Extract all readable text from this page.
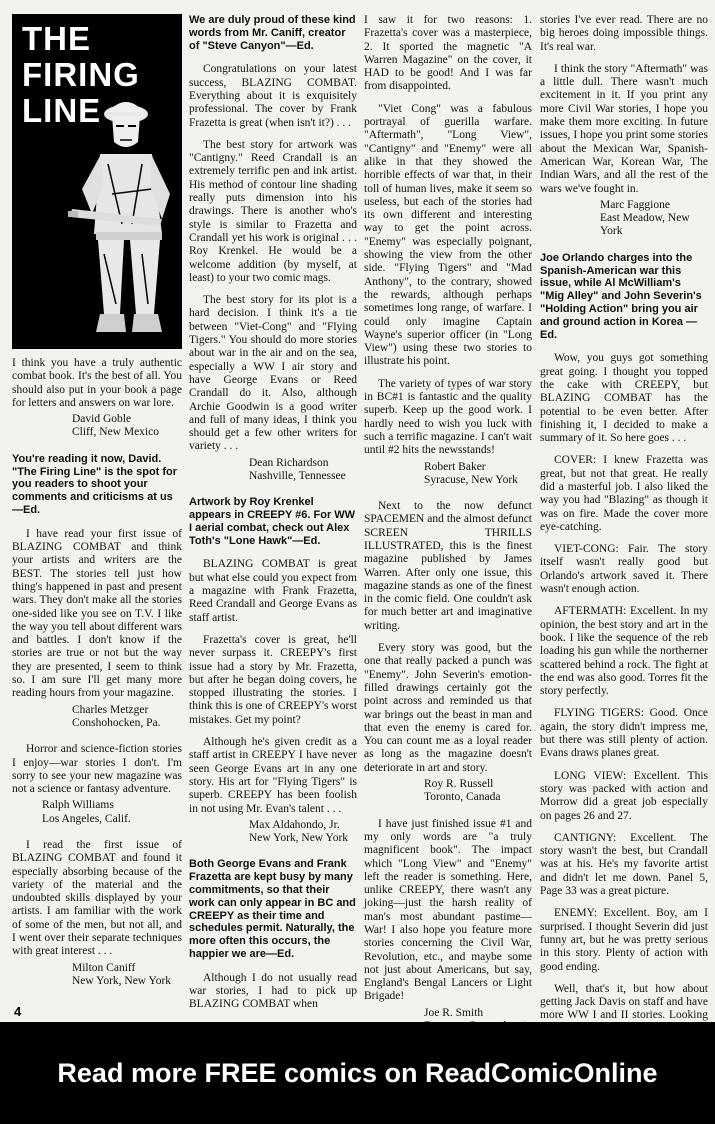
THE
FIRING
LINE

I think you have a truly authentic combat book. It's the best of all. You should also put in your book a page for letters and answers on war lore.

David Goble
Cliff, New Mexico

You're reading it now, David. "The Firing Line" is the spot for you readers to shoot your comments and criticisms at us—Ed.

I have read your first issue of BLAZING COMBAT and think your artists and writers are the BEST. The stories tell just how thing's happened in past and present wars. They don't make all the stories one-sided like you see on T.V. I like the way you tell about different wars and battles. I don't know if the stories are true or not but the way they are presented, I seem to think so. I am sure I'll get many more reading hours from your magazine.

Charles Metzger
Conshohocken, Pa.

Horror and science-fiction stories I enjoy—war stories I don't. I'm sorry to see your new magazine was not a science or fantasy adventure.

Ralph Williams
Los Angeles, Calif.

I read the first issue of BLAZING COMBAT and found it especially absorbing because of the variety of the material and the undoubted skills displayed by your artists. I am familiar with the work of some of the men, but not all, and I went over their separate techniques with great interest . . .

Milton Caniff
New York, New York

We are duly proud of these kind words from Mr. Caniff, creator of "Steve Canyon"—Ed.

Congratulations on your latest success, BLAZING COMBAT. Everything about it is exquisitely professional. The cover by Frank Frazetta is great (when isn't it?) . . .

The best story for artwork was "Cantigny." Reed Crandall is an extremely terrific pen and ink artist. His method of contour line shading really puts dimension into his drawings. There is another who's style is similar to Frazetta and Crandall yet his work is original . . . Roy Krenkel. He would be a welcome addition (by myself, at least) to your two comic mags.

The best story for its plot is a hard decision. I think it's a tie between "Viet-Cong" and "Flying Tigers." You should do more stories about war in the air and on the sea, especially a WW I air story and have George Evans or Reed Crandall do it. Also, although Archie Goodwin is a good writer and full of many ideas, I think you should get a few other writers for variety . . .

Dean Richardson
Nashville, Tennessee

Artwork by Roy Krenkel appears in CREEPY #6. For WW I aerial combat, check out Alex Toth's "Lone Hawk"—Ed.

BLAZING COMBAT is great but what else could you expect from a magazine with Frank Frazetta, Reed Crandall and George Evans as staff artist.

Frazetta's cover is great, he'll never surpass it. CREEPY's first issue had a story by Mr. Frazetta, but after he began doing covers, he stopped illustrating the stories. I think this is one of CREEPY's worst mistakes. Get my point?

Although he's given credit as a staff artist in CREEPY I have never seen George Evans art in any one story. His art for "Flying Tigers" is superb. CREEPY has been foolish in not using Mr. Evan's talent . . .

Max Aldahondo, Jr.
New York, New York

Both George Evans and Frank Frazetta are kept busy by many commitments, so that their work can only appear in BC and CREEPY as their time and schedules permit. Naturally, the more often this occurs, the happier we are—Ed.

Although I do not usually read war stories, I had to pick up BLAZING COMBAT when

I saw it for two reasons: 1. Frazetta's cover was a masterpiece, 2. It sported the magnetic "A Warren Magazine" on the cover, it HAD to be good! And I was far from disappointed.

"Viet Cong" was a fabulous portrayal of guerilla warfare. "Aftermath", "Long View", "Cantigny" and "Enemy" were all alike in that they showed the horrible effects of war that, in their toll of human lives, make it seem so useless, but each of the stories had its own different and interesting way to get the point across. "Enemy" was especially poignant, showing the view from the other side. "Flying Tigers" and "Mad Anthony", to the contrary, showed the rewards, although perhaps sometimes long range, of warfare. I could only imagine Captain Wayne's superior officer (in "Long View") using these two stories to illustrate his point.

The variety of types of war story in BC#1 is fantastic and the quality superb. Keep up the good work. I hardly need to wish you luck with such a terrific magazine. I can't wait until #2 hits the newsstands!

Robert Baker
Syracuse, New York

Next to the now defunct SPACEMEN and the almost defunct SCREEN THRILLS ILLUSTRATED, this is the finest magazine published by James Warren. After only one issue, this magazine stands as one of the finest in the comic field. One couldn't ask for much better art and imaginative writing.

Every story was good, but the one that really packed a punch was "Enemy". John Severin's emotion-filled drawings certainly got the point across and reminded us that war brings out the beast in man and that even the enemy is cared for. You can count me as a loyal reader as long as the magazine doesn't deteriorate in art and story.

Roy R. Russell
Toronto, Canada

I have just finished issue #1 and my only words are "a truly magnificent book". The impact which "Long View" and "Enemy" left the reader is something. Here, unlike CREEPY, there wasn't any joking—just the harsh reality of man's most abundant pastime—War! I also hope you feature more stories concerning the Civil War, Revolution, etc., and maybe some not just about Americans, but say, England's Bengal Lancers or Light Brigade!

Joe R. Smith

stories I've ever read. There are no big heroes doing impossible things. It's real war.

I think the story "Aftermath" was a little dull. There wasn't much excitement in it. If you print any more Civil War stories, I hope you make them more exciting. In future issues, I hope you print some stories about the Mexican War, Spanish-American War, Korean War, The Indian Wars, and all the rest of the wars we've fought in.

Marc Faggione
East Meadow, New York

Joe Orlando charges into the Spanish-American war this issue, while Al McWilliam's "Mig Alley" and John Severin's "Holding Action" bring you air and ground action in Korea —Ed.

Wow, you guys got something great going. I thought you topped the cake with CREEPY, but BLAZING COMBAT has the potential to be even better. After finishing it, I decided to make a summary of it. So here goes . . .

COVER: I knew Frazetta was great, but not that great. He really did a masterful job. I also liked the way you had "Blazing" as though it was on fire. Made the cover more eye-catching.

VIET-CONG: Fair. The story itself wasn't really good but Orlando's artwork saved it. There wasn't enough action.

AFTERMATH: Excellent. In my opinion, the best story and art in the book. I like the sequence of the reb loading his gun while the northerner scattered behind a rock. The fight at the end was also good. Torres fit the story perfectly.

FLYING TIGERS: Good. Once again, the story didn't impress me, but there was still plenty of action. Evans draws planes great.

LONG VIEW: Excellent. This story was packed with action and Morrow did a great job especially on pages 26 and 27.

CANTIGNY: Excellent. The story wasn't the best, but Crandall was at his. He's my favorite artist and didn't let me down. Panel 5, Page 33 was a great picture.

ENEMY: Excellent. Boy, am I surprised. I thought Severin did just funny art, but he was pretty serious in this story. Plenty of action with good ending.

Well, that's it, but how about getting Jack Davis on staff and have more WW I and II stories. Looking

4
Read more FREE comics on ReadComicOnline
